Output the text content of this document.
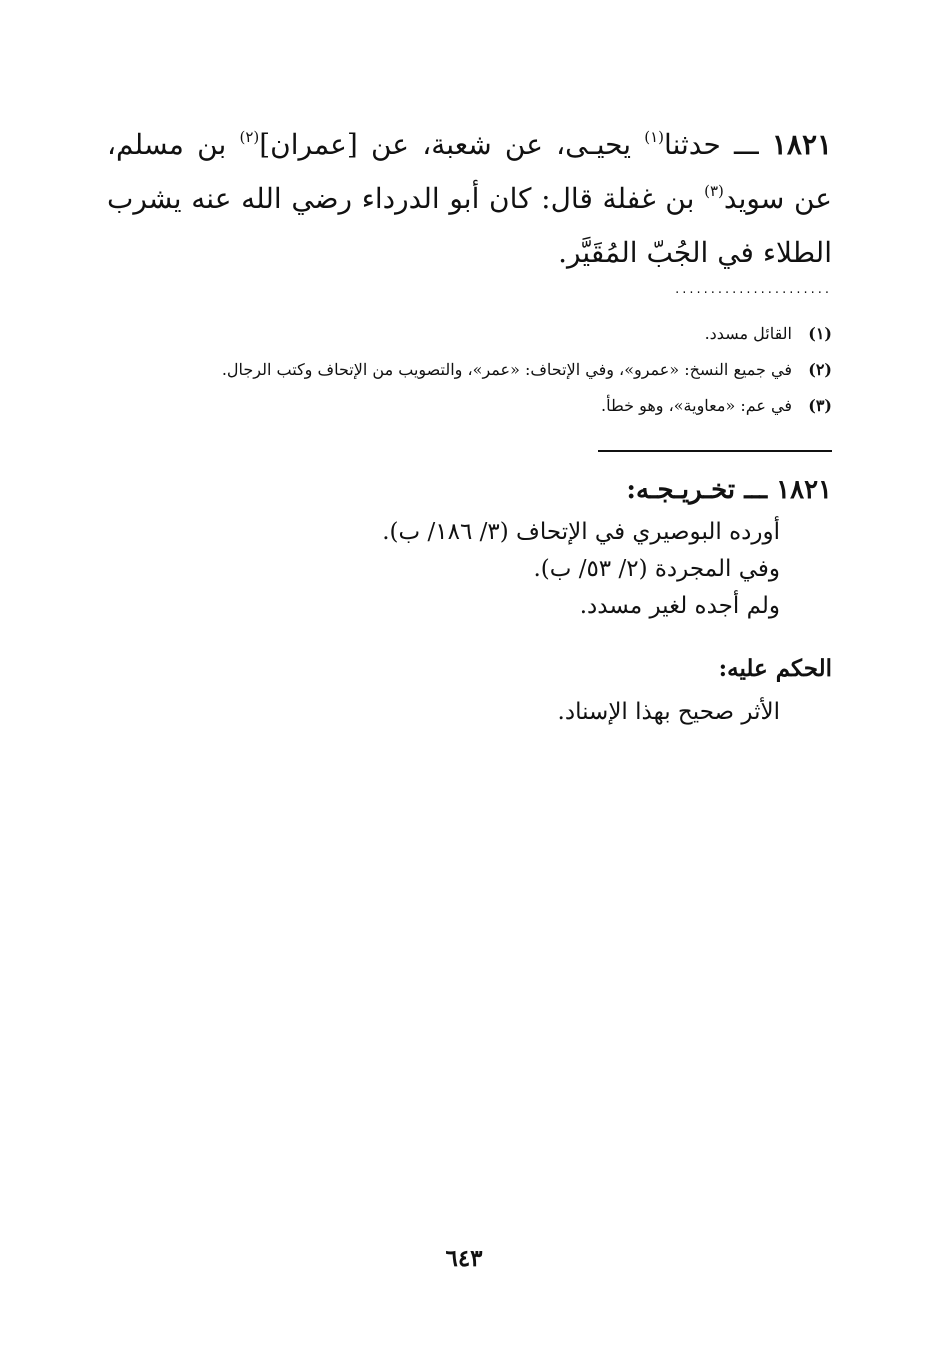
١٨٢١ ـــ حدثنا$^{(١)}$ يحيـى، عن شعبة، عن [عمران]$^{(٢)}$ بن مسلم، عن سويد$^{(٣)}$ بن غفلة قال: كان أبو الدرداء رضي الله عنه يشرب الطلاء في الجُبّ المُقَيَّر.
......................
(١)
القائل مسدد.
(٢)
في جميع النسخ: «عمرو»، وفي الإتحاف: «عمر»، والتصويب من الإتحاف وكتب الرجال.
(٣)
في عم: «معاوية»، وهو خطأ.
١٨٢١ ـــ تخـريـجـه:
أورده البوصيري في الإتحاف (٣/ ١٨٦/ ب).
وفي المجردة (٢/ ٥٣/ ب).
ولم أجده لغير مسدد.
الحكم عليه:
الأثر صحيح بهذا الإسناد.
٦٤٣
